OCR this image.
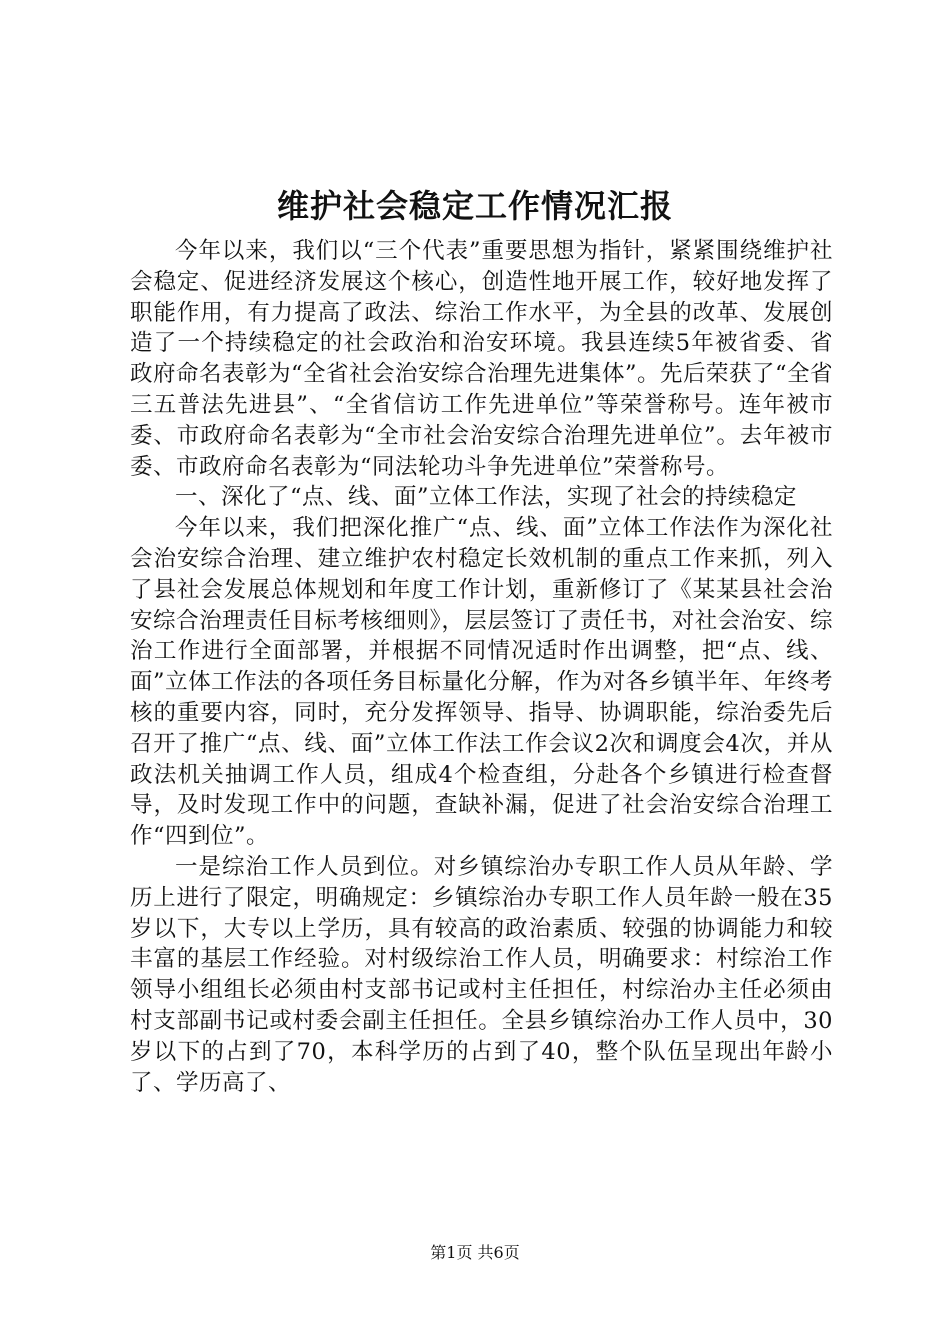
维护社会稳定工作情况汇报

今年以来，我们以“三个代表”重要思想为指针，紧紧围绕维护社会稳定、促进经济发展这个核心，创造性地开展工作，较好地发挥了职能作用，有力提高了政法、综治工作水平，为全县的改革、发展创造了一个持续稳定的社会政治和治安环境。我县连续5年被省委、省政府命名表彰为“全省社会治安综合治理先进集体”。先后荣获了“全省三五普法先进县”、“全省信访工作先进单位”等荣誉称号。连年被市委、市政府命名表彰为“全市社会治安综合治理先进单位”。去年被市委、市政府命名表彰为“同法轮功斗争先进单位”荣誉称号。

一、深化了“点、线、面”立体工作法，实现了社会的持续稳定

今年以来，我们把深化推广“点、线、面”立体工作法作为深化社会治安综合治理、建立维护农村稳定长效机制的重点工作来抓，列入了县社会发展总体规划和年度工作计划，重新修订了《某某县社会治安综合治理责任目标考核细则》，层层签订了责任书，对社会治安、综治工作进行全面部署，并根据不同情况适时作出调整，把“点、线、面”立体工作法的各项任务目标量化分解，作为对各乡镇半年、年终考核的重要内容，同时，充分发挥领导、指导、协调职能，综治委先后召开了推广“点、线、面”立体工作法工作会议2次和调度会4次，并从政法机关抽调工作人员，组成4个检查组，分赴各个乡镇进行检查督导，及时发现工作中的问题，查缺补漏，促进了社会治安综合治理工作“四到位”。

一是综治工作人员到位。对乡镇综治办专职工作人员从年龄、学历上进行了限定，明确规定：乡镇综治办专职工作人员年龄一般在35岁以下，大专以上学历，具有较高的政治素质、较强的协调能力和较丰富的基层工作经验。对村级综治工作人员，明确要求：村综治工作领导小组组长必须由村支部书记或村主任担任，村综治办主任必须由村支部副书记或村委会副主任担任。全县乡镇综治办工作人员中，30岁以下的占到了70，本科学历的占到了40，整个队伍呈现出年龄小了、学历高了、

第1页 共6页
